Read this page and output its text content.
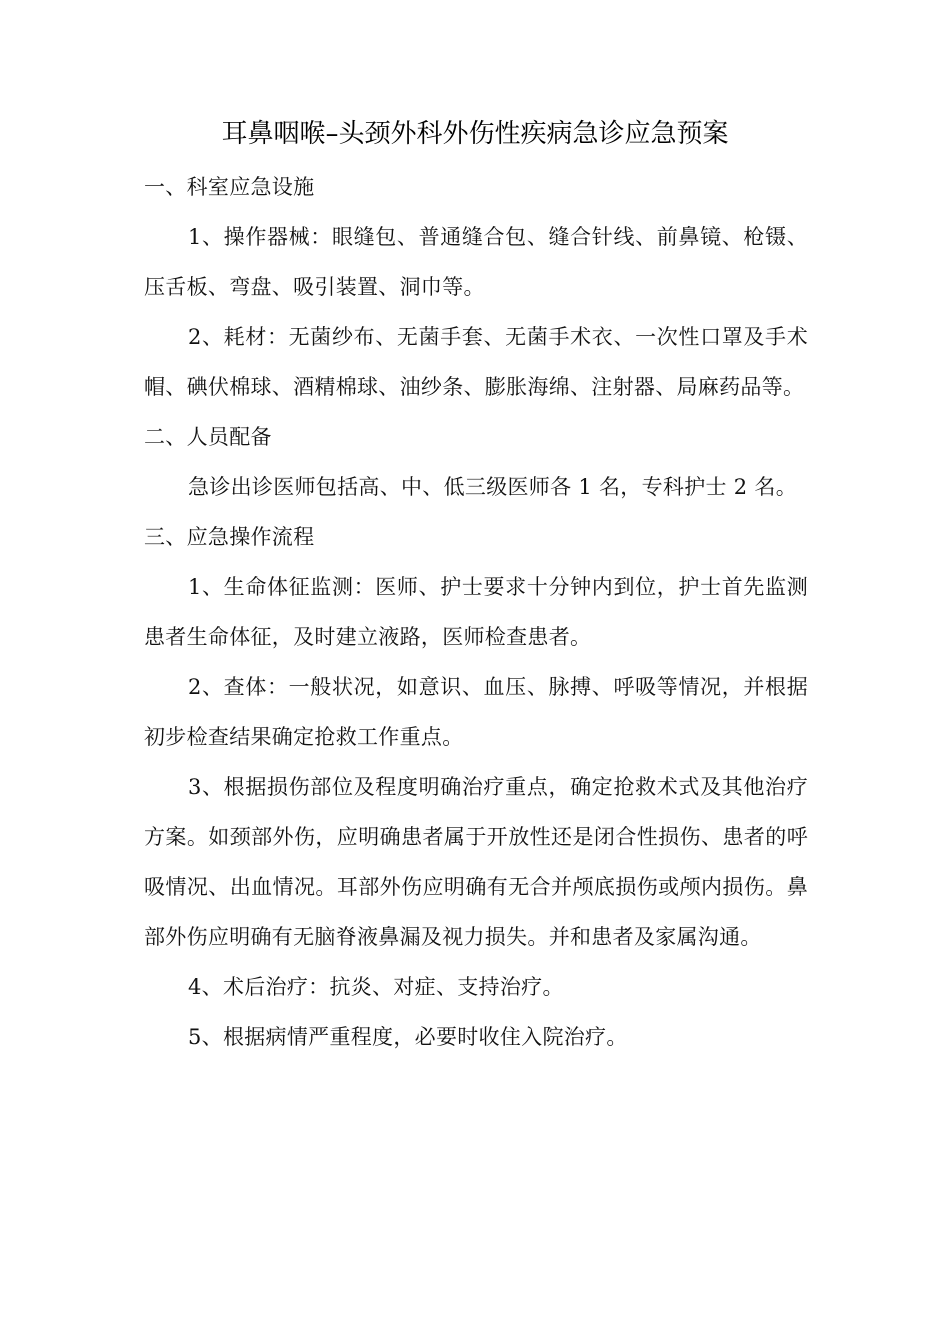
耳鼻咽喉–头颈外科外伤性疾病急诊应急预案

一、科室应急设施

1、操作器械：眼缝包、普通缝合包、缝合针线、前鼻镜、枪镊、压舌板、弯盘、吸引装置、洞巾等。

2、耗材：无菌纱布、无菌手套、无菌手术衣、一次性口罩及手术帽、碘伏棉球、酒精棉球、油纱条、膨胀海绵、注射器、局麻药品等。

二、人员配备

急诊出诊医师包括高、中、低三级医师各 1 名，专科护士 2 名。

三、应急操作流程

1、生命体征监测：医师、护士要求十分钟内到位，护士首先监测患者生命体征，及时建立液路，医师检查患者。

2、查体：一般状况，如意识、血压、脉搏、呼吸等情况，并根据初步检查结果确定抢救工作重点。

3、根据损伤部位及程度明确治疗重点，确定抢救术式及其他治疗方案。如颈部外伤，应明确患者属于开放性还是闭合性损伤、患者的呼吸情况、出血情况。耳部外伤应明确有无合并颅底损伤或颅内损伤。鼻部外伤应明确有无脑脊液鼻漏及视力损失。并和患者及家属沟通。

4、术后治疗：抗炎、对症、支持治疗。

5、根据病情严重程度，必要时收住入院治疗。
